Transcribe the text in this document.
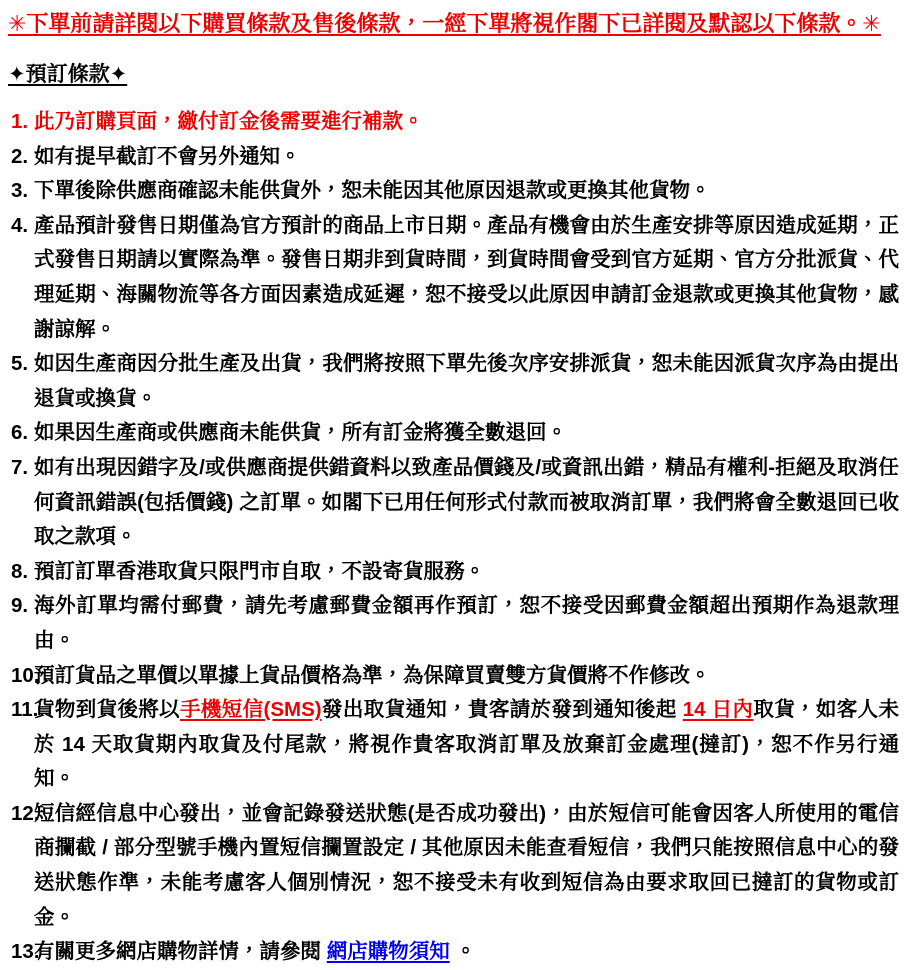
✳下單前請詳閱以下購買條款及售後條款，一經下單將視作閣下已詳閱及默認以下條款。✳
✦預訂條款✦
此乃訂購頁面，繳付訂金後需要進行補款。
如有提早截訂不會另外通知。
下單後除供應商確認未能供貨外，恕未能因其他原因退款或更換其他貨物。
產品預計發售日期僅為官方預計的商品上市日期。產品有機會由於生產安排等原因造成延期，正式發售日期請以實際為準。發售日期非到貨時間，到貨時間會受到官方延期、官方分批派貨、代理延期、海關物流等各方面因素造成延遲，恕不接受以此原因申請訂金退款或更換其他貨物，感謝諒解。
如因生產商因分批生產及出貨，我們將按照下單先後次序安排派貨，恕未能因派貨次序為由提出退貨或換貨。
如果因生產商或供應商未能供貨，所有訂金將獲全數退回。
如有出現因錯字及/或供應商提供錯資料以致產品價錢及/或資訊出錯，精品有權利-拒絕及取消任何資訊錯誤(包括價錢) 之訂單。如閣下已用任何形式付款而被取消訂單，我們將會全數退回已收取之款項。
預訂訂單香港取貨只限門市自取，不設寄貨服務。
海外訂單均需付郵費，請先考慮郵費金額再作預訂，恕不接受因郵費金額超出預期作為退款理由。
預訂貨品之單價以單據上貨品價格為準，為保障買賣雙方貨價將不作修改。
貨物到貨後將以手機短信(SMS)發出取貨通知，貴客請於發到通知後起 14 日內取貨，如客人未於 14 天取貨期內取貨及付尾款，將視作貴客取消訂單及放棄訂金處理(撻訂)，恕不作另行通知。
短信經信息中心發出，並會記錄發送狀態(是否成功發出)，由於短信可能會因客人所使用的電信商攔截 / 部分型號手機內置短信攔置設定 / 其他原因未能查看短信，我們只能按照信息中心的發送狀態作準，未能考慮客人個別情況，恕不接受未有收到短信為由要求取回已撻訂的貨物或訂金。
有關更多網店購物詳情，請參閱 網店購物須知 。
